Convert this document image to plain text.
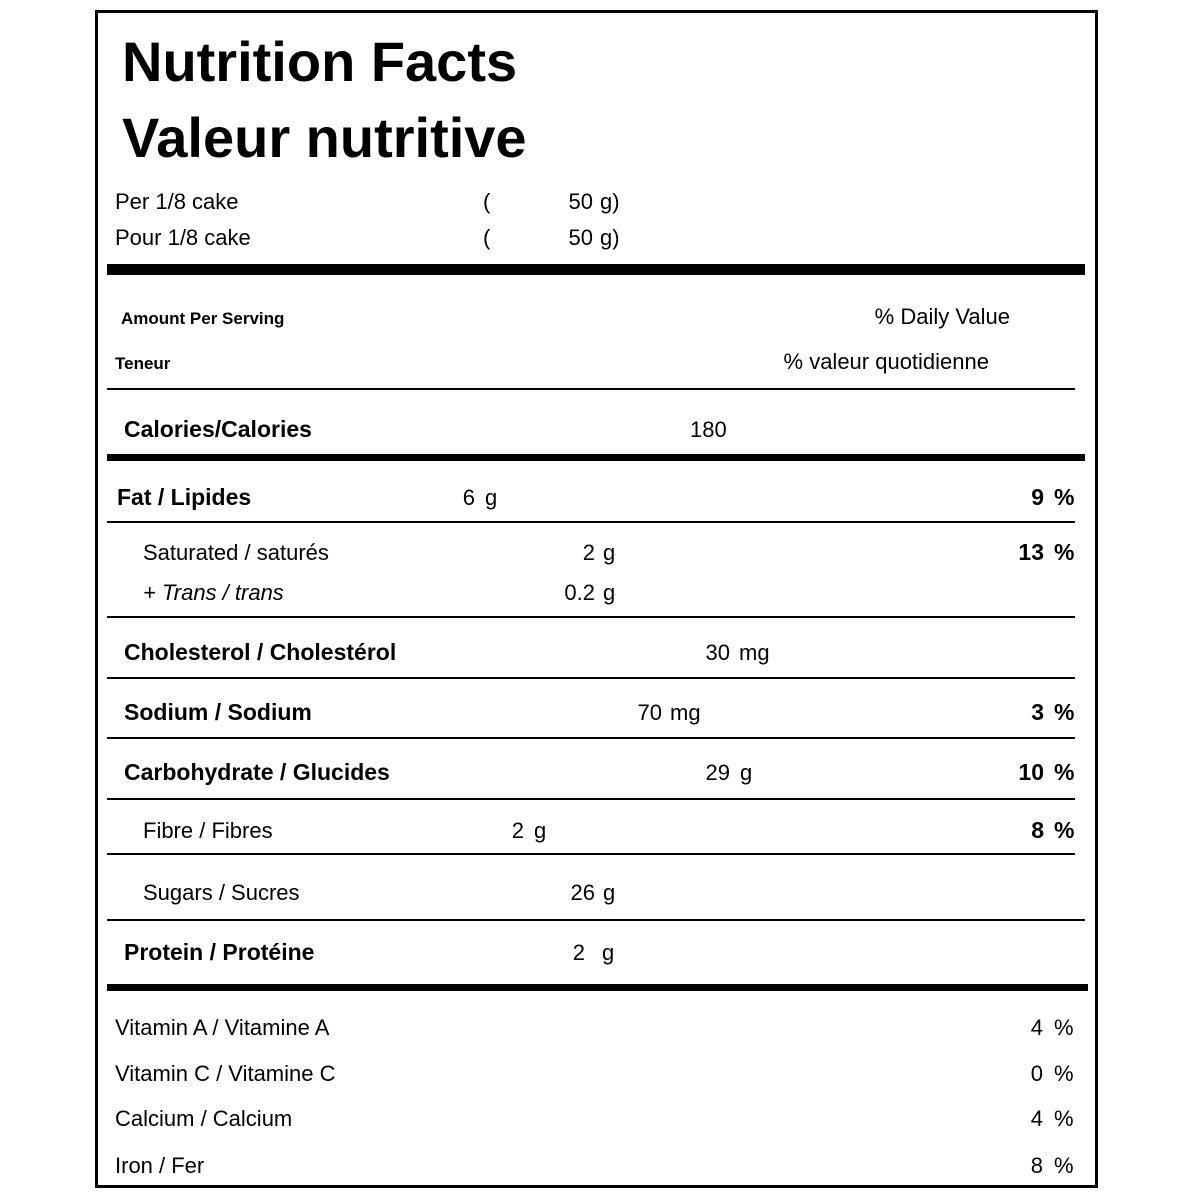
Nutrition Facts
Valeur nutritive
Per 1/8 cake	(	50 g)
Pour 1/8 cake	(	50 g)
Amount Per Serving	% Daily Value
Teneur	% valeur quotidienne
Calories/Calories	180
Fat / Lipides	6 g	9 %
Saturated / saturés	2 g	13 %
+ Trans / trans	0.2 g
Cholesterol / Cholestérol	30 mg
Sodium / Sodium	70 mg	3 %
Carbohydrate / Glucides	29 g	10 %
Fibre / Fibres	2 g	8 %
Sugars / Sucres	26 g
Protein / Protéine	2 g
Vitamin A / Vitamine A	4 %
Vitamin C / Vitamine C	0 %
Calcium / Calcium	4 %
Iron / Fer	8 %
